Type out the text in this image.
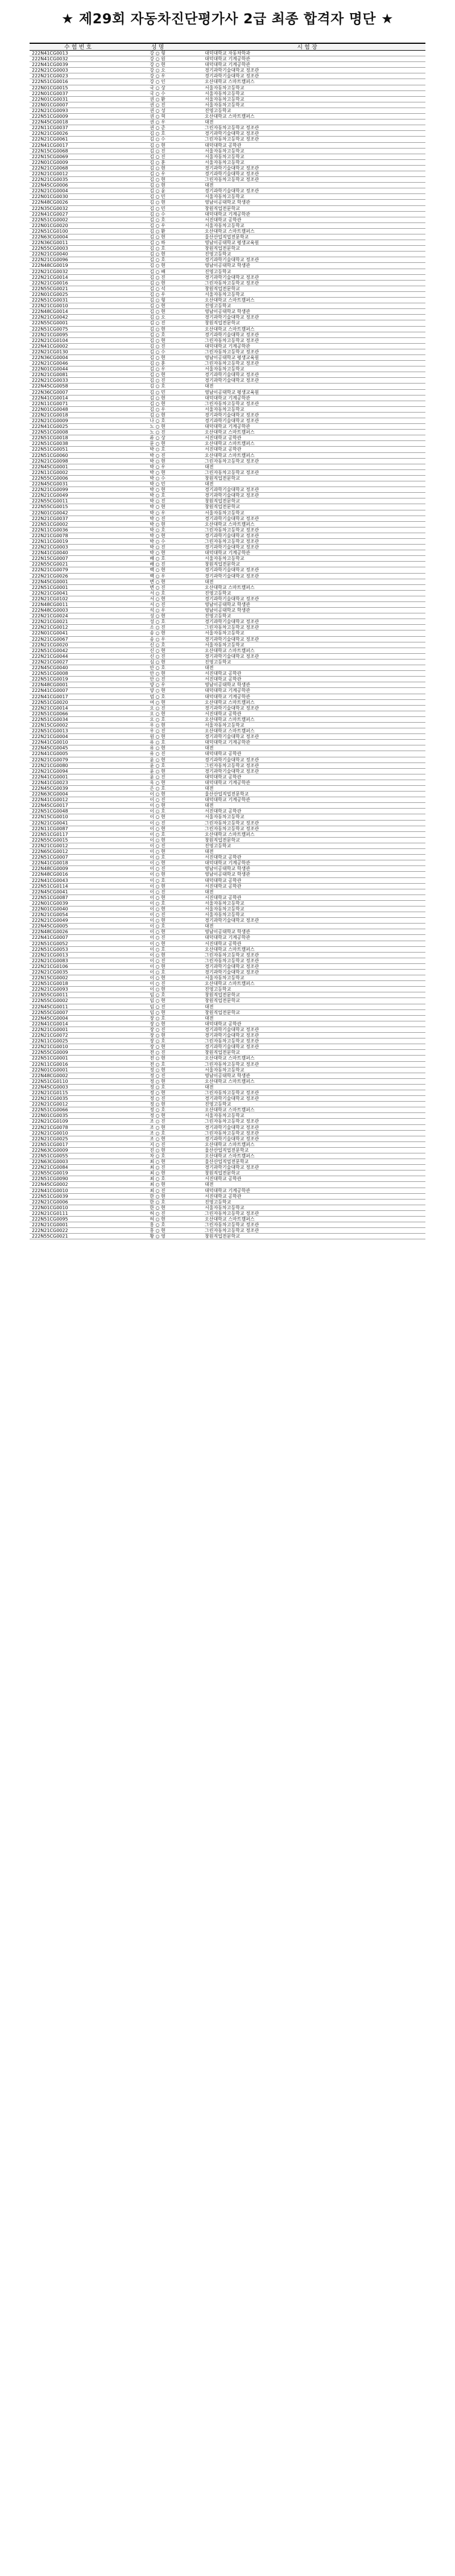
★ 제29회 자동차진단평가사 2급 최종 합격자 명단 ★
수 험 번 호	성 명	시 험 장
222N41CG0013	강 ○ 형	대덕대학교 자동차학과
222N41CG0032	강 ○ 원	대덕대학교 기계공학관
222N41CG0039	강 ○ 현	대덕대학교 기계공학관
222N21CG0003	강 ○ 오	경기과학기술대학교 정조관
222N21CG0023	강 ○ 우	경기과학기술대학교 정조관
222N51CG0016	강 ○ 인	오산대학교 스마트캠퍼스
222N01CG0015	국 ○ 상	서울자동차고등학교
222N01CG0037	국 ○ 수	서울자동차고등학교
222N01CG0031	권 ○ 환	서울자동차고등학교
222N01CG0007	권 ○ 진	서울자동차고등학교
222N21CG0093	권 ○ 성	진영고등학교
222N51CG0009	권 ○ 혁	오산대학교 스마트캠퍼스
222N45CG0018	권 ○ 우	대전
222N11CG0037	권 ○ 준	그린자동차고등학교 정조관
222N21CG0026	김 ○ 호	경기과학기술대학교 정조관
222N21CG0061	김 ○ 수	그린자동차고등학교 정조관
222N41CG0017	김 ○ 현	대덕대학교 공학관
222N15CG0068	김 ○ 진	서울자동차고등학교
222N15CG0069	김 ○ 진	서울자동차고등학교
222N01CG0009	김 ○ 훈	서울자동차고등학교
222N21CG0068	김 ○ 현	경기과학기술대학교 정조관
222N21CG0012	김 ○ 우	경기과학기술대학교 정조관
222N21CG0035	김 ○ 현	그린자동차고등학교 정조관
222N45CG0006	김 ○ 현	대전
222N21CG0004	김 ○ 윤	경기과학기술대학교 정조관
222N01CG0030	김 ○ 민	서울자동차고등학교
222N48CG0026	김 ○ 현	영남이공대학교 학생관
222N35CG0032	김 ○ 민	창원직업전문학교
222N41CG0027	김 ○ 수	대덕대학교 기계공학관
222N51CG0002	김 ○ 호	서진대학교 공학관
222N01CG0020	김 ○ 우	서울자동차고등학교
222N51CG0100	김 ○ 환	오산대학교 스마트캠퍼스
222N63CG0004	김 ○ 현	울산산업직업전문학교
222N36CG0011	김 ○ 하	영남이공대학교 평생교육원
222N55CG0003	김 ○ 호	창원직업전문학교
222N21CG0040	김 ○ 현	진영고등학교
222N21CG0096	김 ○ 호	경기과학기술대학교 정조관
222N48CG0019	김 ○ 현	영남이공대학교 학생관
222N21CG0032	김 ○ 배	진영고등학교
222N21CG0014	김 ○ 진	경기과학기술대학교 정조관
222N21CG0016	김 ○ 현	그린자동차고등학교 정조관
222N55CG0021	김 ○ 석	창원직업전문학교
222N01CG0025	김 ○ 우	서울자동차고등학교
222N51CG0031	김 ○ 형	오산대학교 스마트캠퍼스
222N21CG0010	김 ○ 현	진영고등학교
222N48CG0014	김 ○ 현	영남이공대학교 학생관
222N21CG0042	김 ○ 오	경기과학기술대학교 정조관
222N55CG0001	김 ○ 진	창원직업전문학교
222N51CG0075	김 ○ 현	오산대학교 스마트캠퍼스
222N21CG0095	김 ○ 호	경기과학기술대학교 정조관
222N21CG0104	김 ○ 현	그린자동차고등학교 정조관
222N41CG0002	김 ○ 진	대덕대학교 기계공학관
222N21CG0130	김 ○ 수	그린자동차고등학교 정조관
222N36CG0004	김 ○ 현	영남이공대학교 평생교육원
222N21CG0046	김 ○ 훈	그린자동차고등학교 정조관
222N01CG0044	김 ○ 우	서울자동차고등학교
222N21CG0081	김 ○ 현	경기과학기술대학교 정조관
222N21CG0033	김 ○ 진	경기과학기술대학교 정조관
222N45CG0058	김 ○ 호	대전
222N36CG0007	김 ○ 민	영남이공대학교 평생교육원
222N41CG0014	김 ○ 현	대덕대학교 기계공학관
222N11CG0071	김 ○ 현	그린자동차고등학교 정조관
222N01CG0048	김 ○ 우	서울자동차고등학교
222N21CG0018	김 ○ 현	경기과학기술대학교 정조관
222N21CG0009	나 ○ 호	경기과학기술대학교 정조관
222N41CG0025	노 ○ 현	대덕대학교 기계공학관
222N51CG0008	노 ○ 진	오산대학교 스마트캠퍼스
222N51CG0018	류 ○ 상	서진대학교 공학관
222N51CG0038	문 ○ 현	오산대학교 스마트캠퍼스
222N51CG0051	박 ○ 호	서진대학교 공학관
222N51CG0060	박 ○ 진	오산대학교 스마트캠퍼스
222N21CG0098	박 ○ 현	그린자동차고등학교 정조관
222N45CG0001	박 ○ 우	대전
222N11CG0002	박 ○ 현	그린자동차고등학교 정조관
222N55CG0006	박 ○ 수	창원직업전문학교
222N45CG0031	박 ○ 민	대전
222N21CG0099	박 ○ 현	경기과학기술대학교 정조관
222N21CG0049	박 ○ 호	경기과학기술대학교 정조관
222N55CG0011	박 ○ 진	창원직업전문학교
222N55CG0015	박 ○ 현	창원직업전문학교
222N01CG0042	박 ○ 우	서울자동차고등학교
222N21CG0037	박 ○ 진	경기과학기술대학교 정조관
222N51CG0002	박 ○ 현	오산대학교 스마트캠퍼스
222N11CG0036	박 ○ 호	그린자동차고등학교 정조관
222N21CG0078	박 ○ 현	경기과학기술대학교 정조관
222N11CG0019	박 ○ 수	그린자동차고등학교 정조관
222N21CG0003	박 ○ 진	경기과학기술대학교 정조관
222N41CG0040	박 ○ 현	대덕대학교 기계공학관
222N15CG0007	배 ○ 호	서울자동차고등학교
222N55CG0021	배 ○ 진	창원직업전문학교
222N21CG0079	백 ○ 현	경기과학기술대학교 정조관
222N21CG0026	백 ○ 우	경기과학기술대학교 정조관
222N45CG0001	변 ○ 현	대전
222N51CG0001	변 ○ 진	오산대학교 스마트캠퍼스
222N21CG0041	서 ○ 호	진영고등학교
222N21CG0102	서 ○ 현	경기과학기술대학교 정조관
222N48CG0011	서 ○ 진	영남이공대학교 학생관
222N48CG0003	석 ○ 우	영남이공대학교 학생관
222N21CG0024	성 ○ 현	진영고등학교
222N21CG0021	성 ○ 호	경기과학기술대학교 정조관
222N21CG0012	소 ○ 진	그린자동차고등학교 정조관
222N01CG0041	송 ○ 현	서울자동차고등학교
222N21CG0067	송 ○ 우	경기과학기술대학교 정조관
222N21CG0020	신 ○ 호	서울자동차고등학교
222N51CG0042	신 ○ 현	오산대학교 스마트캠퍼스
222N21CG0044	신 ○ 진	경기과학기술대학교 정조관
222N21CG0027	심 ○ 현	진영고등학교
222N45CG0040	안 ○ 호	대전
222N51CG0008	안 ○ 현	서진대학교 공학관
222N51CG0019	안 ○ 진	서진대학교 공학관
222N48CG0001	양 ○ 우	영남이공대학교 학생관
222N41CG0007	양 ○ 현	대덕대학교 기계공학관
222N41CG0017	엄 ○ 호	대덕대학교 기계공학관
222N51CG0020	여 ○ 현	오산대학교 스마트캠퍼스
222N21CG0014	오 ○ 진	경기과학기술대학교 정조관
222N51CG0066	오 ○ 현	서진대학교 공학관
222N51CG0034	오 ○ 호	오산대학교 스마트캠퍼스
222N15CG0002	우 ○ 현	서울자동차고등학교
222N51CG0013	우 ○ 진	오산대학교 스마트캠퍼스
222N21CG0004	원 ○ 현	경기과학기술대학교 정조관
222N41CG0010	유 ○ 호	대덕대학교 기계공학관
222N45CG0045	유 ○ 현	대전
222N41CG0005	유 ○ 진	대덕대학교 공학관
222N21CG0079	윤 ○ 현	경기과학기술대학교 정조관
222N21CG0080	윤 ○ 호	그린자동차고등학교 정조관
222N21CG0094	윤 ○ 현	경기과학기술대학교 정조관
222N41CG0001	윤 ○ 진	대덕대학교 공학관
222N41CG0023	옥 ○ 현	대덕대학교 기계공학관
222N45CG0039	은 ○ 호	대전
222N63CG0004	이 ○ 현	울산산업직업전문학교
222N41CG0012	이 ○ 진	대덕대학교 기계공학관
222N45CG0017	이 ○ 현	대전
222N51CG0048	이 ○ 호	서진대학교 공학관
222N15CG0010	이 ○ 현	서울자동차고등학교
222N21CG0041	이 ○ 진	그린자동차고등학교 정조관
222N11CG0087	이 ○ 현	그린자동차고등학교 정조관
222N51CG0117	이 ○ 호	오산대학교 스마트캠퍼스
222N55CG0015	이 ○ 현	창원직업전문학교
222N21CG0012	이 ○ 진	진영고등학교
222N65CG0012	이 ○ 현	대전
222N51CG0007	이 ○ 호	서진대학교 공학관
222N41CG0018	이 ○ 현	대덕대학교 기계공학관
222N48CG0009	이 ○ 진	영남이공대학교 학생관
222N48CG0016	이 ○ 현	영남이공대학교 학생관
222N41CG0043	이 ○ 호	대덕대학교 공학관
222N51CG0114	이 ○ 현	서진대학교 공학관
222N45CG0041	이 ○ 진	대전
222N51CG0087	이 ○ 현	서진대학교 공학관
222N01CG0039	이 ○ 호	서울자동차고등학교
222N01CG0040	이 ○ 현	서울자동차고등학교
222N21CG0054	이 ○ 진	서울자동차고등학교
222N21CG0049	이 ○ 현	경기과학기술대학교 정조관
222N45CG0005	이 ○ 호	대전
222N48CG0026	이 ○ 현	영남이공대학교 학생관
222N41CG0007	이 ○ 진	대덕대학교 기계공학관
222N51CG0052	이 ○ 현	서진대학교 공학관
222N51CG0053	이 ○ 호	오산대학교 스마트캠퍼스
222N21CG0013	이 ○ 현	그린자동차고등학교 정조관
222N21CG0083	이 ○ 진	그린자동차고등학교 정조관
222N21CG0106	이 ○ 현	경기과학기술대학교 정조관
222N21CG0035	이 ○ 호	경기과학기술대학교 정조관
222N15CG0002	이 ○ 현	서울자동차고등학교
222N51CG0018	이 ○ 진	오산대학교 스마트캠퍼스
222N21CG0093	이 ○ 현	진영고등학교
222N55CG0011	임 ○ 호	창원직업전문학교
222N55CG0002	임 ○ 현	창원직업전문학교
222N45CG0011	임 ○ 진	대전
222N55CG0007	임 ○ 현	창원직업전문학교
222N45CG0004	장 ○ 호	대전
222N41CG0014	장 ○ 현	대덕대학교 공학관
222N21CG0001	장 ○ 진	경기과학기술대학교 정조관
222N21CG0072	장 ○ 현	경기과학기술대학교 정조관
222N11CG0025	장 ○ 호	그린자동차고등학교 정조관
222N21CG0010	장 ○ 현	경기과학기술대학교 정조관
222N55CG0009	전 ○ 진	창원직업전문학교
222N51CG0001	전 ○ 현	오산대학교 스마트캠퍼스
222N11CG0016	전 ○ 호	그린자동차고등학교 정조관
222N01CG0001	정 ○ 현	서울자동차고등학교
222N48CG0002	정 ○ 진	영남이공대학교 학생관
222N51CG0110	정 ○ 현	오산대학교 스마트캠퍼스
222N45CG0003	정 ○ 호	대전
222N21CG0115	정 ○ 현	그린자동차고등학교 정조관
222N21CG0035	정 ○ 진	경기과학기술대학교 정조관
222N21CG0012	정 ○ 현	진영고등학교
222N51CG0066	정 ○ 호	오산대학교 스마트캠퍼스
222N01CG0035	정 ○ 현	서울자동차고등학교
222N21CG0109	조 ○ 진	그린자동차고등학교 정조관
222N21CG0078	조 ○ 현	경기과학기술대학교 정조관
222N21CG0010	조 ○ 호	그린자동차고등학교 정조관
222N21CG0025	조 ○ 현	경기과학기술대학교 정조관
222N51CG0017	지 ○ 진	오산대학교 스마트캠퍼스
222N63CG0009	진 ○ 현	울산산업직업전문학교
222N51CG0055	차 ○ 호	오산대학교 스마트캠퍼스
222N63CG0003	최 ○ 현	울산산업직업전문학교
222N21CG0084	최 ○ 진	경기과학기술대학교 정조관
222N55CG0019	최 ○ 현	창원직업전문학교
222N51CG0090	최 ○ 호	서진대학교 공학관
222N45CG0002	최 ○ 현	대전
222N41CG0010	최 ○ 진	대덕대학교 기계공학관
222N51CG0039	한 ○ 현	서진대학교 공학관
222N21CG0006	한 ○ 호	진영고등학교
222N01CG0010	한 ○ 현	서울자동차고등학교
222N21CG0111	허 ○ 진	그린자동차고등학교 정조관
222N51CG0095	허 ○ 현	오산대학교 스마트캠퍼스
222N21CG0001	홍 ○ 호	그린자동차고등학교 정조관
222N21CG0022	홍 ○ 현	그린자동차고등학교 정조관
222N55CG0021	황 ○ 영	창원직업전문학교
